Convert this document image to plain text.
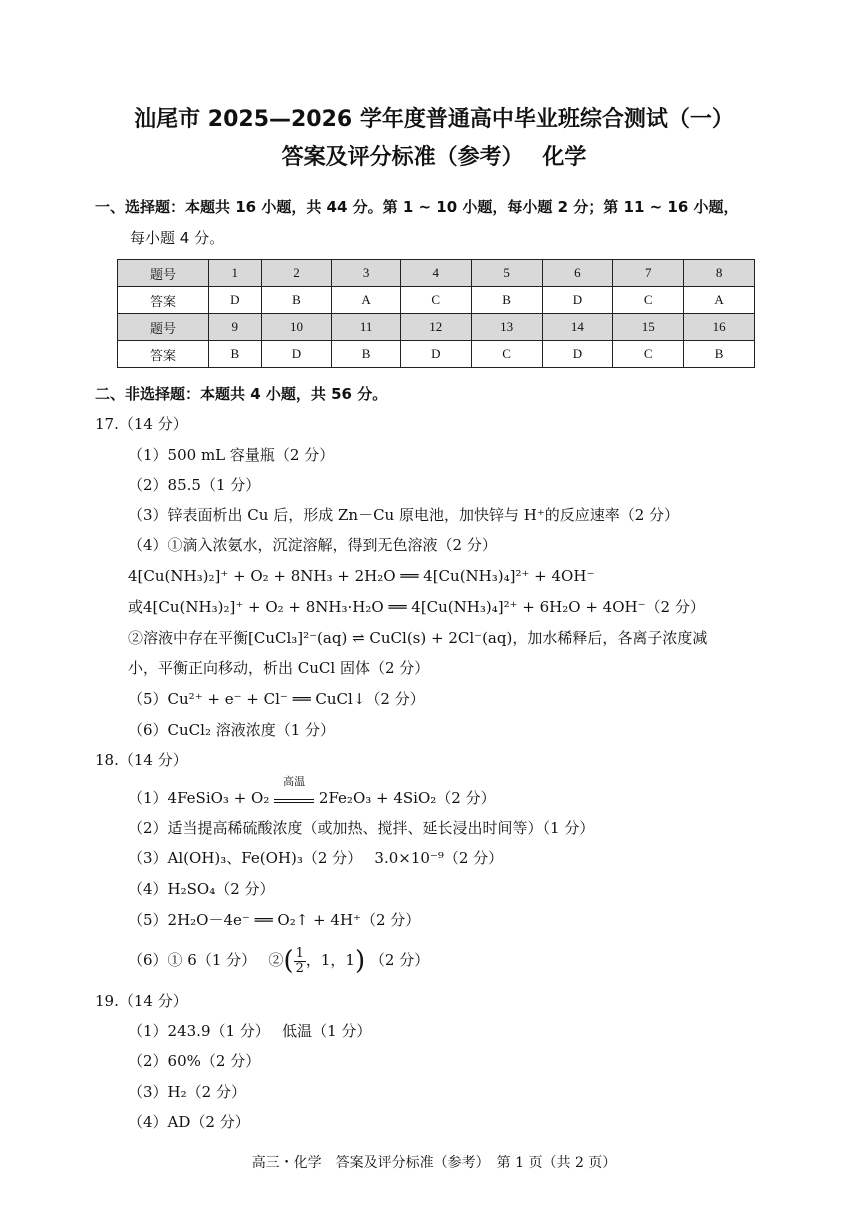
汕尾市 2025—2026 学年度普通高中毕业班综合测试（一）
答案及评分标准（参考）　 化学
一、选择题：本题共 16 小题，共 44 分。第 1 ~ 10 小题，每小题 2 分；第 11 ~ 16 小题，
每小题 4 分。
题号	1	2	3	4	5	6	7	8
答案	D	B	A	C	B	D	C	A
题号	9	10	11	12	13	14	15	16
答案	B	D	B	D	C	D	C	B
二、非选择题：本题共 4 小题，共 56 分。
17.（14 分）
（1）500 mL 容量瓶（2 分）
（2）85.5（1 分）
（3）锌表面析出 Cu 后，形成 Zn－Cu 原电池，加快锌与 H⁺的反应速率（2 分）
（4）①滴入浓氨水，沉淀溶解，得到无色溶液（2 分）
4[Cu(NH₃)₂]⁺ + O₂ + 8NH₃ + 2H₂O ══ 4[Cu(NH₃)₄]²⁺ + 4OH⁻
或4[Cu(NH₃)₂]⁺ + O₂ + 8NH₃·H₂O ══ 4[Cu(NH₃)₄]²⁺ + 6H₂O + 4OH⁻（2 分）
②溶液中存在平衡[CuCl₃]²⁻(aq) ⇌ CuCl(s) + 2Cl⁻(aq)，加水稀释后，各离子浓度减
小，平衡正向移动，析出 CuCl 固体（2 分）
（5）Cu²⁺ + e⁻ + Cl⁻ ══ CuCl↓（2 分）
（6）CuCl₂ 溶液浓度（1 分）
18.（14 分）
（1）4FeSiO₃ + O₂
高温
2Fe₂O₃ + 4SiO₂（2 分）
（2）适当提高稀硫酸浓度（或加热、搅拌、延长浸出时间等）（1 分）
（3）Al(OH)₃、Fe(OH)₃（2 分）　 3.0×10⁻⁹（2 分）
（4）H₂SO₄（2 分）
（5）2H₂O－4e⁻ ══ O₂↑ + 4H⁺（2 分）
（6）① 6（1 分）　 ②( $\frac{1}{2}$ ，1，1) （2 分）
19.（14 分）
（1）243.9（1 分）　 低温（1 分）
（2）60%（2 分）
（3）H₂（2 分）
（4）AD（2 分）
高三・化学　答案及评分标准（参考）　第 1 页（共 2 页）
